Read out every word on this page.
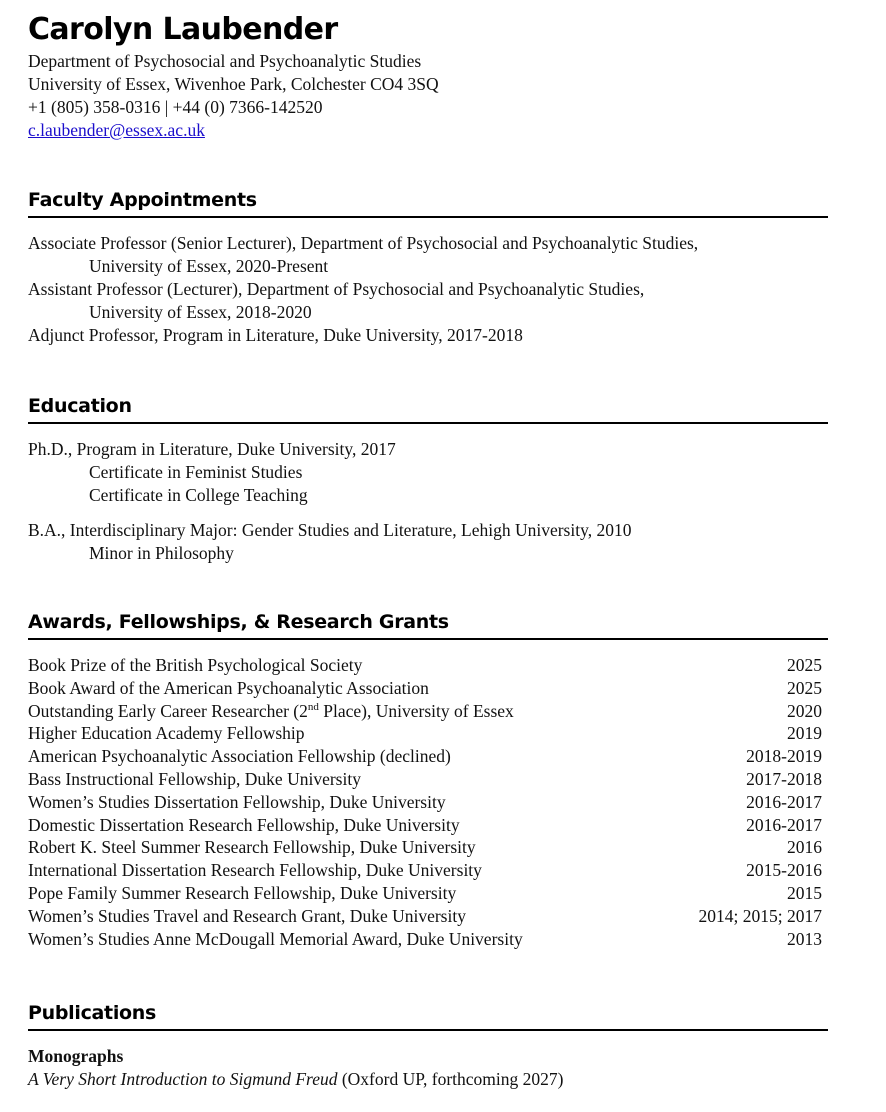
Carolyn Laubender
Department of Psychosocial and Psychoanalytic Studies
University of Essex, Wivenhoe Park, Colchester CO4 3SQ
+1 (805) 358-0316 | +44 (0) 7366-142520
c.laubender@essex.ac.uk
Faculty Appointments
Associate Professor (Senior Lecturer), Department of Psychosocial and Psychoanalytic Studies,
University of Essex, 2020-Present
Assistant Professor (Lecturer), Department of Psychosocial and Psychoanalytic Studies,
University of Essex, 2018-2020
Adjunct Professor, Program in Literature, Duke University, 2017-2018
Education
Ph.D., Program in Literature, Duke University, 2017
Certificate in Feminist Studies
Certificate in College Teaching
B.A., Interdisciplinary Major: Gender Studies and Literature, Lehigh University, 2010
Minor in Philosophy
Awards, Fellowships, & Research Grants
Book Prize of the British Psychological Society	2025
Book Award of the American Psychoanalytic Association	2025
Outstanding Early Career Researcher (2nd Place), University of Essex	2020
Higher Education Academy Fellowship	2019
American Psychoanalytic Association Fellowship (declined)	2018-2019
Bass Instructional Fellowship, Duke University	2017-2018
Women’s Studies Dissertation Fellowship, Duke University	2016-2017
Domestic Dissertation Research Fellowship, Duke University	2016-2017
Robert K. Steel Summer Research Fellowship, Duke University	2016
International Dissertation Research Fellowship, Duke University	2015-2016
Pope Family Summer Research Fellowship, Duke University	2015
Women’s Studies Travel and Research Grant, Duke University	2014; 2015; 2017
Women’s Studies Anne McDougall Memorial Award, Duke University	2013
Publications
Monographs
A Very Short Introduction to Sigmund Freud (Oxford UP, forthcoming 2027)
